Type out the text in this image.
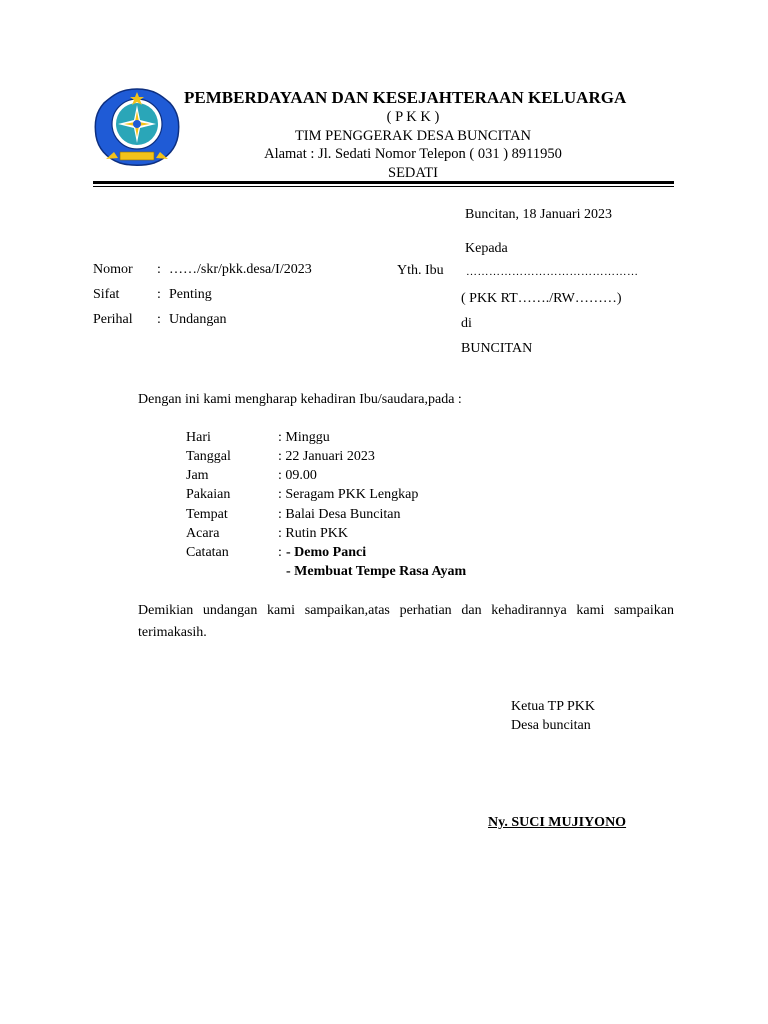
PEMBERDAYAAN DAN KESEJAHTERAAN KELUARGA
( P K K )
TIM PENGGERAK DESA BUNCITAN
Alamat : Jl. Sedati Nomor Telepon ( 031 ) 8911950
SEDATI
Buncitan, 18 Januari 2023
Kepada
Yth. Ibu ………………………………………
( PKK RT……./RW………)
di
BUNCITAN
Nomor : ……/skr/pkk.desa/I/2023
Sifat	: Penting
Perihal : Undangan
Dengan ini kami mengharap kehadiran Ibu/saudara,pada :
Hari	: Minggu
Tanggal	: 22 Januari 2023
Jam	: 09.00
Pakaian	: Seragam PKK Lengkap
Tempat	: Balai Desa Buncitan
Acara	: Rutin PKK
Catatan	: - Demo Panci
- Membuat Tempe Rasa Ayam
Demikian undangan kami sampaikan,atas perhatian dan kehadirannya kami sampaikan terimakasih.
Ketua TP PKK
Desa buncitan
Ny. SUCI MUJIYONO
